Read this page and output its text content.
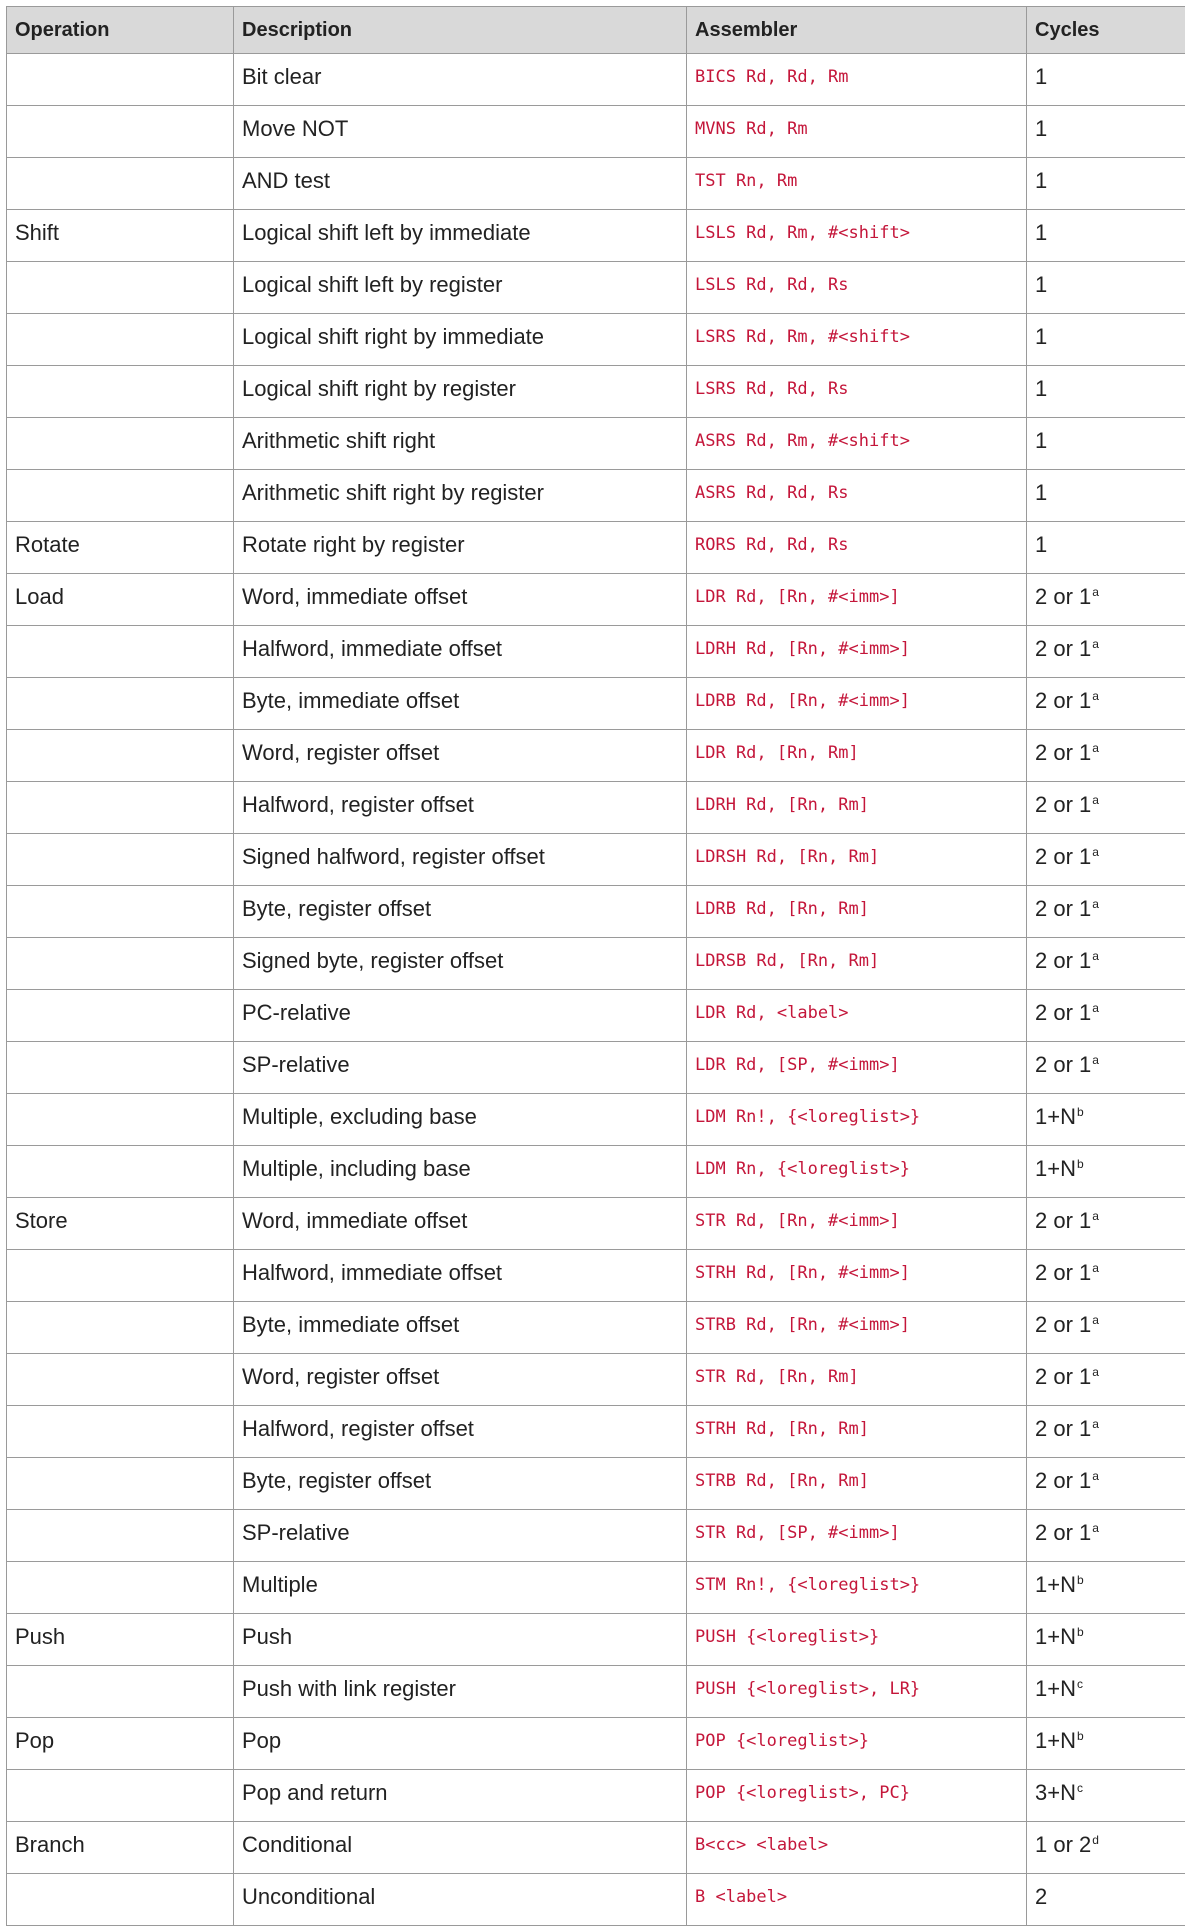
Operation	Description	Assembler	Cycles
	Bit clear	BICS Rd, Rd, Rm	1
	Move NOT	MVNS Rd, Rm	1
	AND test	TST Rn, Rm	1
Shift	Logical shift left by immediate	LSLS Rd, Rm, #<shift>	1
	Logical shift left by register	LSLS Rd, Rd, Rs	1
	Logical shift right by immediate	LSRS Rd, Rm, #<shift>	1
	Logical shift right by register	LSRS Rd, Rd, Rs	1
	Arithmetic shift right	ASRS Rd, Rm, #<shift>	1
	Arithmetic shift right by register	ASRS Rd, Rd, Rs	1
Rotate	Rotate right by register	RORS Rd, Rd, Rs	1
Load	Word, immediate offset	LDR Rd, [Rn, #<imm>]	2 or 1$^a$
	Halfword, immediate offset	LDRH Rd, [Rn, #<imm>]	2 or 1$^a$
	Byte, immediate offset	LDRB Rd, [Rn, #<imm>]	2 or 1$^a$
	Word, register offset	LDR Rd, [Rn, Rm]	2 or 1$^a$
	Halfword, register offset	LDRH Rd, [Rn, Rm]	2 or 1$^a$
	Signed halfword, register offset	LDRSH Rd, [Rn, Rm]	2 or 1$^a$
	Byte, register offset	LDRB Rd, [Rn, Rm]	2 or 1$^a$
	Signed byte, register offset	LDRSB Rd, [Rn, Rm]	2 or 1$^a$
	PC-relative	LDR Rd, <label>	2 or 1$^a$
	SP-relative	LDR Rd, [SP, #<imm>]	2 or 1$^a$
	Multiple, excluding base	LDM Rn!, {<loreglist>}	1+N$^b$
	Multiple, including base	LDM Rn, {<loreglist>}	1+N$^b$
Store	Word, immediate offset	STR Rd, [Rn, #<imm>]	2 or 1$^a$
	Halfword, immediate offset	STRH Rd, [Rn, #<imm>]	2 or 1$^a$
	Byte, immediate offset	STRB Rd, [Rn, #<imm>]	2 or 1$^a$
	Word, register offset	STR Rd, [Rn, Rm]	2 or 1$^a$
	Halfword, register offset	STRH Rd, [Rn, Rm]	2 or 1$^a$
	Byte, register offset	STRB Rd, [Rn, Rm]	2 or 1$^a$
	SP-relative	STR Rd, [SP, #<imm>]	2 or 1$^a$
	Multiple	STM Rn!, {<loreglist>}	1+N$^b$
Push	Push	PUSH {<loreglist>}	1+N$^b$
	Push with link register	PUSH {<loreglist>, LR}	1+N$^c$
Pop	Pop	POP {<loreglist>}	1+N$^b$
	Pop and return	POP {<loreglist>, PC}	3+N$^c$
Branch	Conditional	B<cc> <label>	1 or 2$^d$
	Unconditional	B <label>	2
